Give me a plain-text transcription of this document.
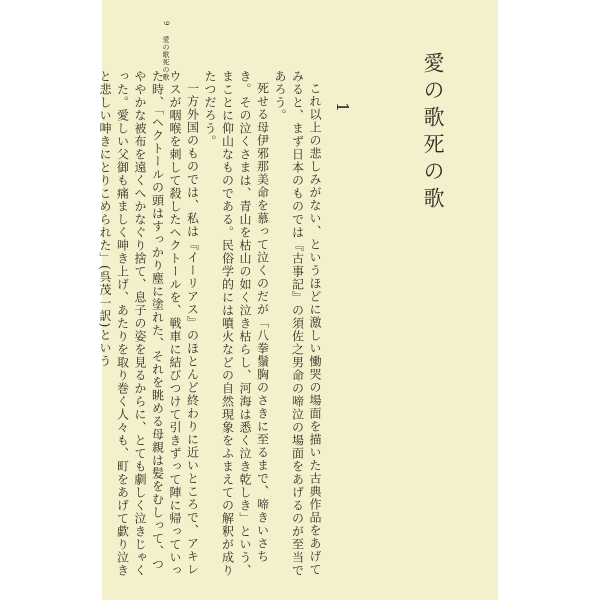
9愛の歌死の歌	愛の歌死の歌
1

これ以上の悲しみがない、というほどに激しい慟哭の場面を描いた古典作品をあげてみると、まず日本のものでは『古事記』の須佐之男命の啼泣の場面をあげるのが至当であろう。

死せる母伊邪那美命を慕って泣くのだが「八拳鬚胸のさきに至るまで、啼きいさちき。その泣くさまは、青山を枯山の如く泣き枯らし、河海は悉く泣き乾しき」という、まことに仰山なものである。民俗学的には噴火などの自然現象をふまえての解釈が成りたつだろう。

一方外国のものでは、私は『イーリアス』のほとんど終わりに近いところで、アキレウスが咽喉を刺して殺したヘクトールを、戦車に結びつけて引きずって陣に帰っていった時、「ヘクトールの頭はすっかり塵に塗れた、それを眺める母親は髪をむしって、つややかな被布を遠くへかなぐり捨て、息子の姿を見るからに、とても劇しく泣きじゃくった。愛しい父御も痛ましく呻き上げ、あたりを取り巻く人々も、町をあげて歔り泣きと悲しい呻きにとりこめられた」(呉茂一訳)という
